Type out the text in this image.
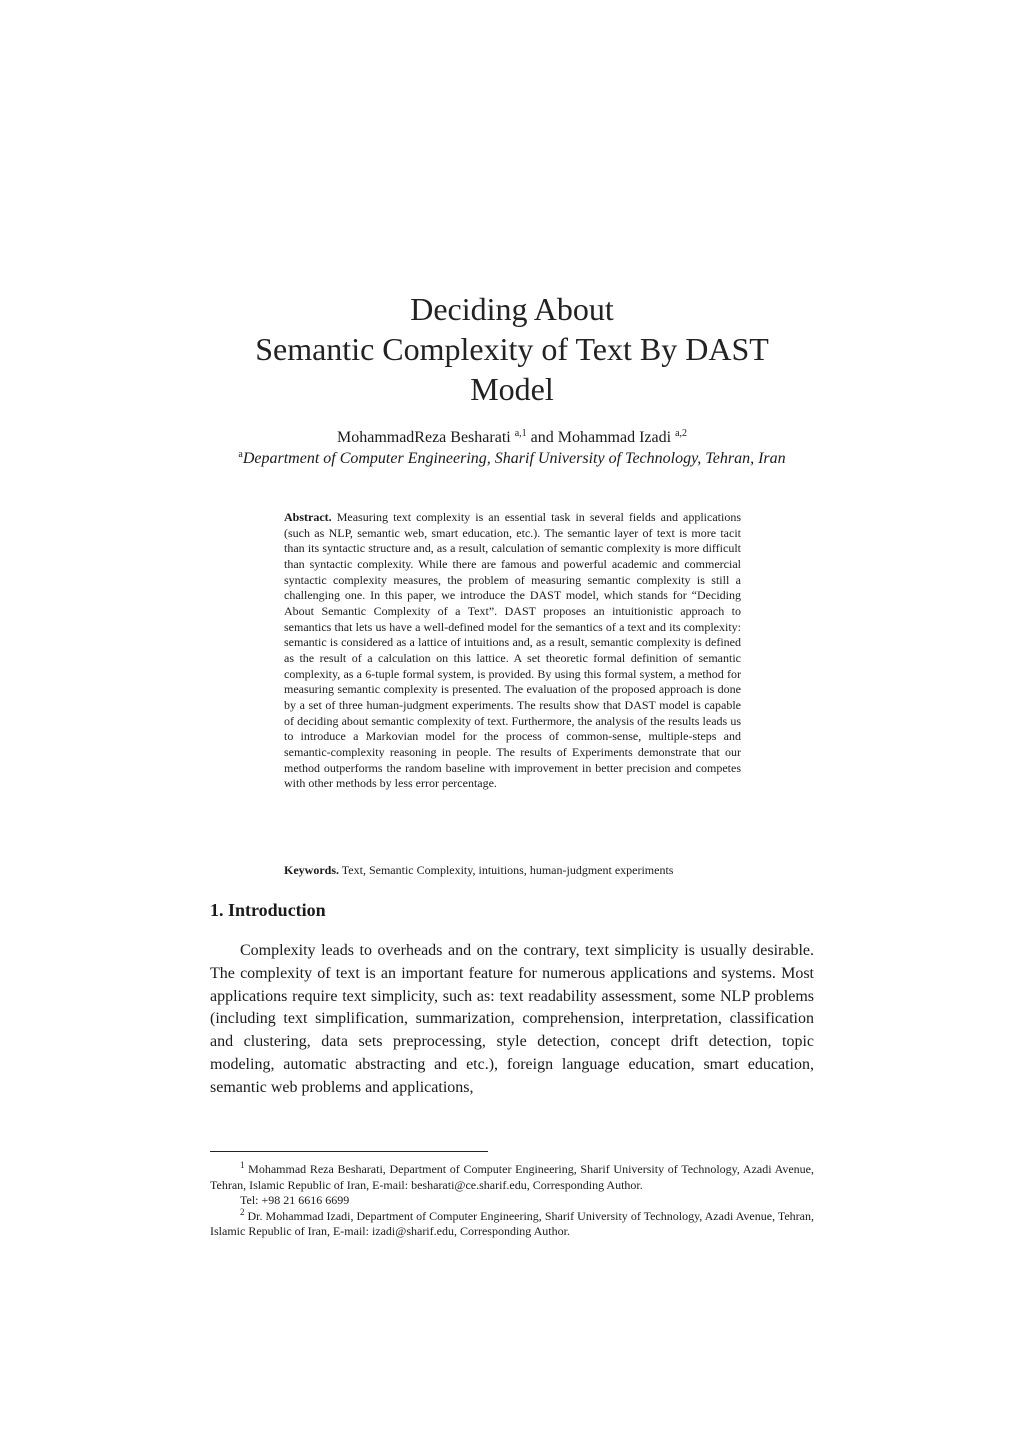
Deciding About
Semantic Complexity of Text By DAST
Model
MohammadReza Besharati $^{a,1}$ and Mohammad Izadi $^{a,2}$
$^a$Department of Computer Engineering, Sharif University of Technology, Tehran, Iran

Abstract. Measuring text complexity is an essential task in several fields and applications (such as NLP, semantic web, smart education, etc.). The semantic layer of text is more tacit than its syntactic structure and, as a result, calculation of semantic complexity is more difficult than syntactic complexity. While there are famous and powerful academic and commercial syntactic complexity measures, the problem of measuring semantic complexity is still a challenging one. In this paper, we introduce the DAST model, which stands for “Deciding About Semantic Complexity of a Text”. DAST proposes an intuitionistic approach to semantics that lets us have a well-defined model for the semantics of a text and its complexity: semantic is considered as a lattice of intuitions and, as a result, semantic complexity is defined as the result of a calculation on this lattice. A set theoretic formal definition of semantic complexity, as a 6-tuple formal system, is provided. By using this formal system, a method for measuring semantic complexity is presented. The evaluation of the proposed approach is done by a set of three human-judgment experiments. The results show that DAST model is capable of deciding about semantic complexity of text. Furthermore, the analysis of the results leads us to introduce a Markovian model for the process of common-sense, multiple-steps and semantic-complexity reasoning in people. The results of Experiments demonstrate that our method outperforms the random baseline with improvement in better precision and competes with other methods by less error percentage.

Keywords. Text, Semantic Complexity, intuitions, human-judgment experiments

1. Introduction

Complexity leads to overheads and on the contrary, text simplicity is usually desirable. The complexity of text is an important feature for numerous applications and systems. Most applications require text simplicity, such as: text readability assessment, some NLP problems (including text simplification, summarization, comprehension, interpretation, classification and clustering, data sets preprocessing, style detection, concept drift detection, topic modeling, automatic abstracting and etc.), foreign language education, smart education, semantic web problems and applications,

$^1$ Mohammad Reza Besharati, Department of Computer Engineering, Sharif University of Technology, Azadi Avenue, Tehran, Islamic Republic of Iran, E-mail: besharati@ce.sharif.edu, Corresponding Author.

Tel: +98 21 6616 6699

$^2$ Dr. Mohammad Izadi, Department of Computer Engineering, Sharif University of Technology, Azadi Avenue, Tehran, Islamic Republic of Iran, E-mail: izadi@sharif.edu, Corresponding Author.
